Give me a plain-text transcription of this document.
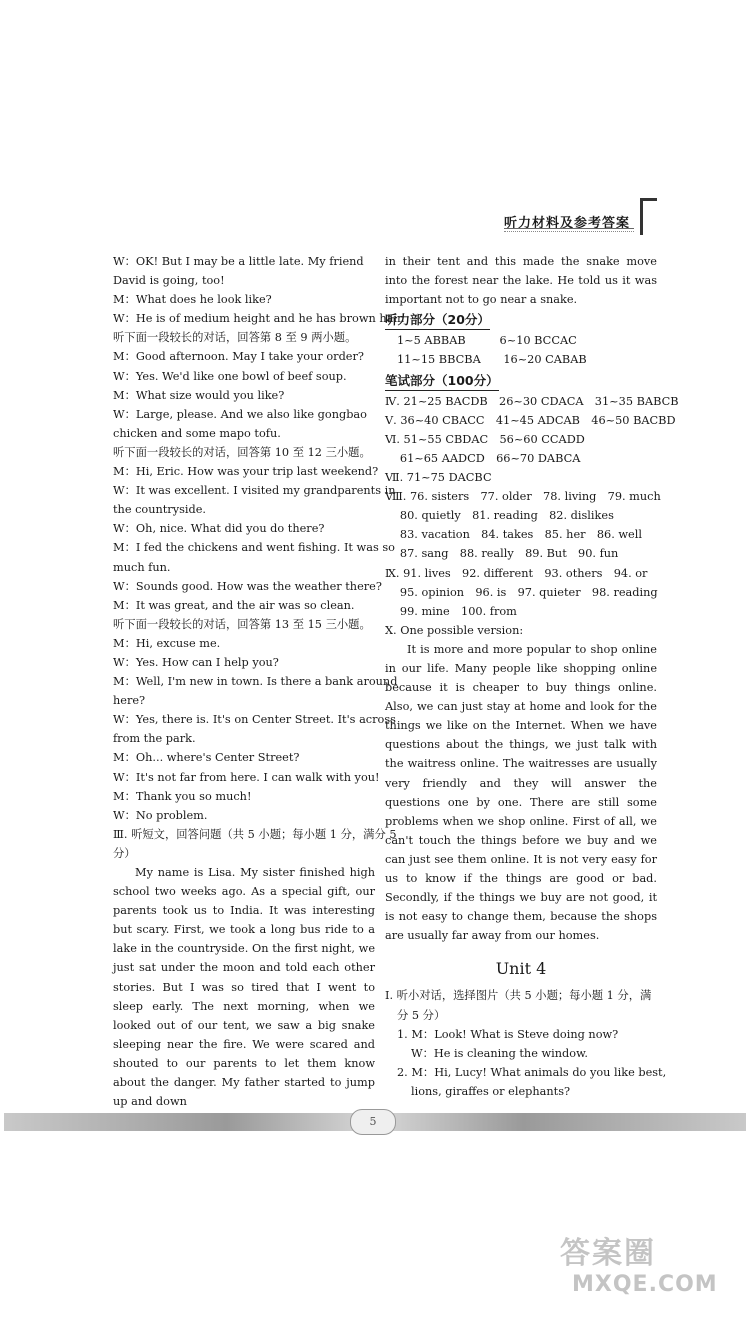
听力材料及参考答案
W：OK! But I may be a little late. My friend
David is going, too!
M：What does he look like?
W：He is of medium height and he has brown hair.
听下面一段较长的对话，回答第 8 至 9 两小题。
M：Good afternoon. May I take your order?
W：Yes. We'd like one bowl of beef soup.
M：What size would you like?
W：Large, please. And we also like gongbao
chicken and some mapo tofu.
听下面一段较长的对话，回答第 10 至 12 三小题。
M：Hi, Eric. How was your trip last weekend?
W：It was excellent. I visited my grandparents in
the countryside.
W：Oh, nice. What did you do there?
M：I fed the chickens and went fishing. It was so
much fun.
W：Sounds good. How was the weather there?
M：It was great, and the air was so clean.
听下面一段较长的对话，回答第 13 至 15 三小题。
M：Hi, excuse me.
W：Yes. How can I help you?
M：Well, I'm new in town. Is there a bank around
here?
W：Yes, there is. It's on Center Street. It's across
from the park.
M：Oh... where's Center Street?
W：It's not far from here. I can walk with you!
M：Thank you so much!
W：No problem.
Ⅲ. 听短文，回答问题（共 5 小题；每小题 1 分，满分 5
分）
My name is Lisa. My sister finished high school two weeks ago. As a special gift, our parents took us to India. It was interesting but scary. First, we took a long bus ride to a lake in the countryside. On the first night, we just sat under the moon and told each other stories. But I was so tired that I went to sleep early. The next morning, when we looked out of our tent, we saw a big snake sleeping near the fire. We were scared and shouted to our parents to let them know about the danger. My father started to jump up and down
in their tent and this made the snake move into the forest near the lake. He told us it was important not to go near a snake.
听力部分（20分）
1~5 ABBAB　　　6~10 BCCAC
11~15 BBCBA　　16~20 CABAB
笔试部分（100分）
Ⅳ. 21~25 BACDB　26~30 CDACA　31~35 BABCB
Ⅴ. 36~40 CBACC　41~45 ADCAB　46~50 BACBD
Ⅵ. 51~55 CBDAC　56~60 CCADD
　 61~65 AADCD　66~70 DABCA
Ⅶ. 71~75 DACBC
Ⅷ. 76. sisters　77. older　78. living　79. much
　 80. quietly　81. reading　82. dislikes
　 83. vacation　84. takes　85. her　86. well
　 87. sang　88. really　89. But　90. fun
Ⅸ. 91. lives　92. different　93. others　94. or
　 95. opinion　96. is　97. quieter　98. reading
　 99. mine　100. from
Ⅹ. One possible version:
It is more and more popular to shop online in our life. Many people like shopping online because it is cheaper to buy things online. Also, we can just stay at home and look for the things we like on the Internet. When we have questions about the things, we just talk with the waitress online. The waitresses are usually very friendly and they will answer the questions one by one. There are still some problems when we shop online. First of all, we can't touch the things before we buy and we can just see them online. It is not very easy for us to know if the things are good or bad. Secondly, if the things we buy are not good, it is not easy to change them, because the shops are usually far away from our homes.
Unit 4
Ⅰ. 听小对话，选择图片（共 5 小题；每小题 1 分，满
分 5 分）
1. M：Look! What is Steve doing now?
W：He is cleaning the window.
2. M：Hi, Lucy! What animals do you like best,
lions, giraffes or elephants?
5
答案圈
MXQE.COM
